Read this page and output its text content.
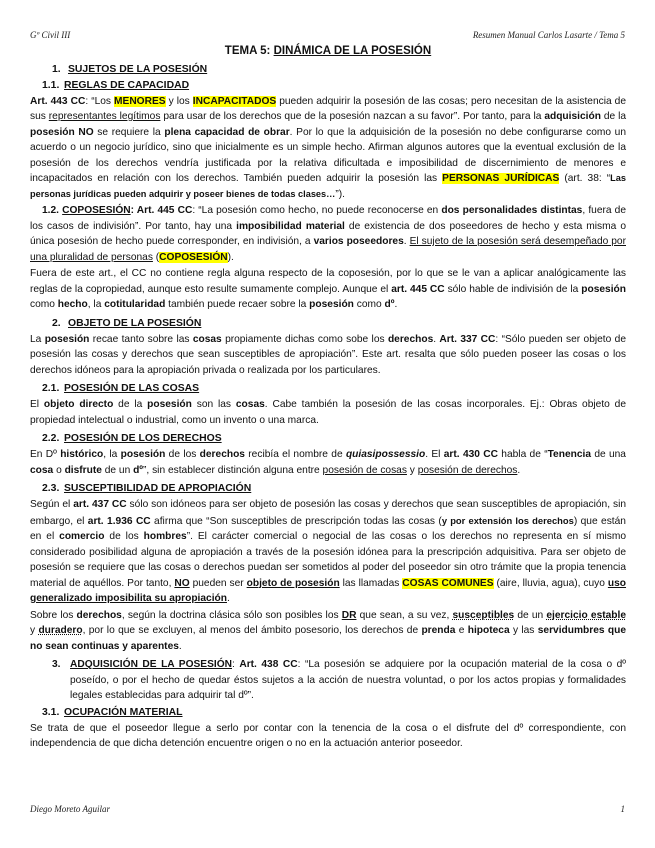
Gº Civil III	Resumen Manual Carlos Lasarte / Tema 5
TEMA 5: DINÁMICA DE LA POSESIÓN
1. SUJETOS DE LA POSESIÓN
1.1. REGLAS DE CAPACIDAD

Art. 443 CC: “Los MENORES y los INCAPACITADOS pueden adquirir la posesión de las cosas; pero necesitan de la asistencia de sus representantes legítimos para usar de los derechos que de la posesión nazcan a su favor”. Por tanto, para la adquisición de la posesión NO se requiere la plena capacidad de obrar. Por lo que la adquisición de la posesión no debe configurarse como un acuerdo o un negocio jurídico, sino que inicialmente es un simple hecho. Afirman algunos autores que la eventual exclusión de la posesión de los derechos vendría justificada por la relativa dificultada e imposibilidad de discernimiento de menores e incapacitados en relación con los derechos. También pueden adquirir la posesión las PERSONAS JURÍDICAS (art. 38: “Las personas jurídicas pueden adquirir y poseer bienes de todas clases…”).

1.2. COPOSESIÓN: Art. 445 CC: “La posesión como hecho, no puede reconocerse en dos personalidades distintas, fuera de los casos de indivisión”. Por tanto, hay una imposibilidad material de existencia de dos poseedores de hecho y esta misma o única posesión de hecho puede corresponder, en indivisión, a varios poseedores. El sujeto de la posesión será desempeñado por una pluralidad de personas (COPOSESIÓN).

Fuera de este art., el CC no contiene regla alguna respecto de la coposesión, por lo que se le van a aplicar analógicamente las reglas de la copropiedad, aunque esto resulte sumamente complejo. Aunque el art. 445 CC sólo hable de indivisión de la posesión como hecho, la cotitularidad también puede recaer sobre la posesión como dº.

2. OBJETO DE LA POSESIÓN

La posesión recae tanto sobre las cosas propiamente dichas como sobe los derechos. Art. 337 CC: “Sólo pueden ser objeto de posesión las cosas y derechos que sean susceptibles de apropiación”. Este art. resalta que sólo pueden poseer las cosas o los derechos idóneos para la apropiación privada o realizada por los particulares.

2.1. POSESIÓN DE LAS COSAS

El objeto directo de la posesión son las cosas. Cabe también la posesión de las cosas incorporales. Ej.: Obras objeto de propiedad intelectual o industrial, como un invento o una marca.

2.2. POSESIÓN DE LOS DERECHOS

En Dº histórico, la posesión de los derechos recibía el nombre de quiasipossessio. El art. 430 CC habla de “Tenencia de una cosa o disfrute de un dº”, sin establecer distinción alguna entre posesión de cosas y posesión de derechos.

2.3. SUSCEPTIBILIDAD DE APROPIACIÓN

Según el art. 437 CC sólo son idóneos para ser objeto de posesión las cosas y derechos que sean susceptibles de apropiación, sin embargo, el art. 1.936 CC afirma que “Son susceptibles de prescripción todas las cosas (y por extensión los derechos) que están en el comercio de los hombres”. El carácter comercial o negocial de las cosas o los derechos no representa en sí mismo considerado posibilidad alguna de apropiación a través de la posesión idónea para la prescripción adquisitiva. Para ser objeto de posesión se requiere que las cosas o derechos puedan ser sometidos al poder del poseedor sin otro trámite que la propia tenencia material de aquéllos. Por tanto, NO pueden ser objeto de posesión las llamadas COSAS COMUNES (aire, lluvia, agua), cuyo uso generalizado imposibilita su apropiación.

Sobre los derechos, según la doctrina clásica sólo son posibles los DR que sean, a su vez, susceptibles de un ejercicio estable y duradero, por lo que se excluyen, al menos del ámbito posesorio, los derechos de prenda e hipoteca y las servidumbres que no sean continuas y aparentes.

3. ADQUISICIÓN DE LA POSESIÓN: Art. 438 CC: “La posesión se adquiere por la ocupación material de la cosa o dº poseído, o por el hecho de quedar éstos sujetos a la acción de nuestra voluntad, o por los actos propias y formalidades legales establecidas para adquirir tal dº”.

3.1. OCUPACIÓN MATERIAL

Se trata de que el poseedor llegue a serlo por contar con la tenencia de la cosa o el disfrute del dº correspondiente, con independencia de que dicha detención encuentre origen o no en la actuación anterior poseedor.

Diego Moreto Aguilar	1
